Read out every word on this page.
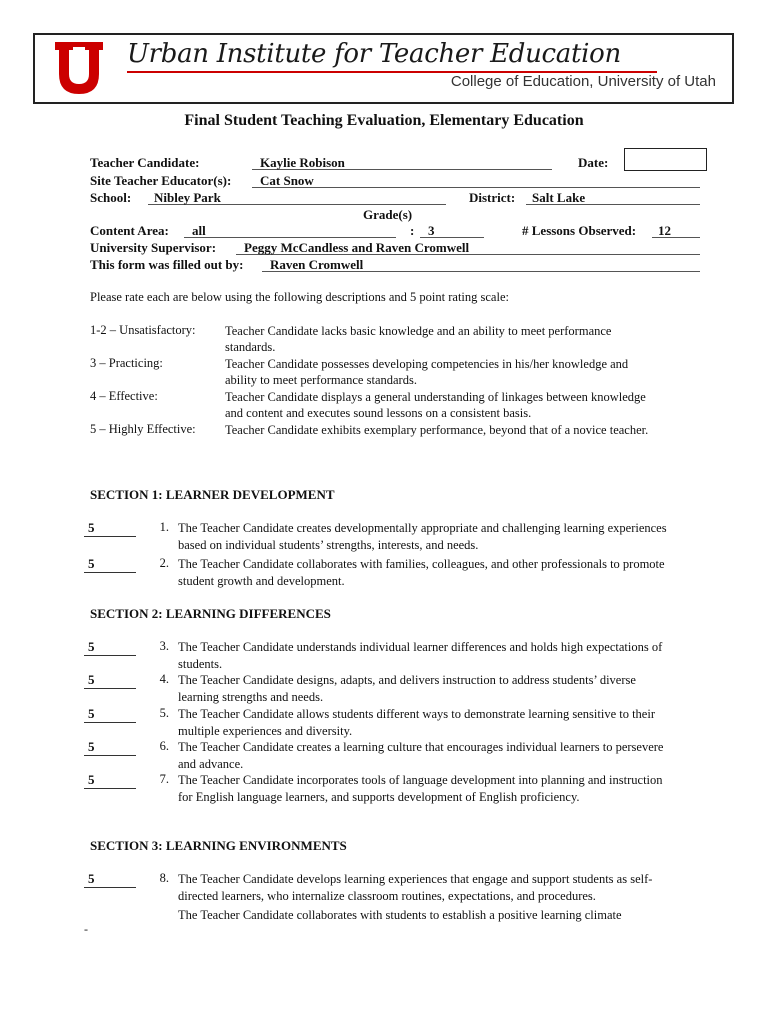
Urban Institute for Teacher Education
College of Education, University of Utah
Final Student Teaching Evaluation, Elementary Education
Teacher Candidate:	Kaylie Robison	Date:
Site Teacher Educator(s):	Cat Snow
School:	Nibley Park	District:	Salt Lake
Grade(s)
Content Area:	all	:	3	# Lessons Observed:	12
University Supervisor:	Peggy McCandless and Raven Cromwell
This form was filled out by:	Raven Cromwell
Please rate each are below using the following descriptions and 5 point rating scale:
1-2 – Unsatisfactory: Teacher Candidate lacks basic knowledge and an ability to meet performance standards.
3 – Practicing:	Teacher Candidate possesses developing competencies in his/her knowledge and ability to meet performance standards.
4 – Effective:	Teacher Candidate displays a general understanding of linkages between knowledge and content and executes sound lessons on a consistent basis.
5 – Highly Effective: Teacher Candidate exhibits exemplary performance, beyond that of a novice teacher.
SECTION 1: LEARNER DEVELOPMENT
5	1. The Teacher Candidate creates developmentally appropriate and challenging learning experiences based on individual students’ strengths, interests, and needs.
5	2. The Teacher Candidate collaborates with families, colleagues, and other professionals to promote student growth and development.
SECTION 2: LEARNING DIFFERENCES
5	3. The Teacher Candidate understands individual learner differences and holds high expectations of students.
5	4. The Teacher Candidate designs, adapts, and delivers instruction to address students’ diverse learning strengths and needs.
5	5. The Teacher Candidate allows students different ways to demonstrate learning sensitive to their multiple experiences and diversity.
5	6. The Teacher Candidate creates a learning culture that encourages individual learners to persevere and advance.
5	7. The Teacher Candidate incorporates tools of language development into planning and instruction for English language learners, and supports development of English proficiency.
SECTION 3: LEARNING ENVIRONMENTS
5	8. The Teacher Candidate develops learning experiences that engage and support students as self-directed learners, who internalize classroom routines, expectations, and procedures.
The Teacher Candidate collaborates with students to establish a positive learning climate
-
